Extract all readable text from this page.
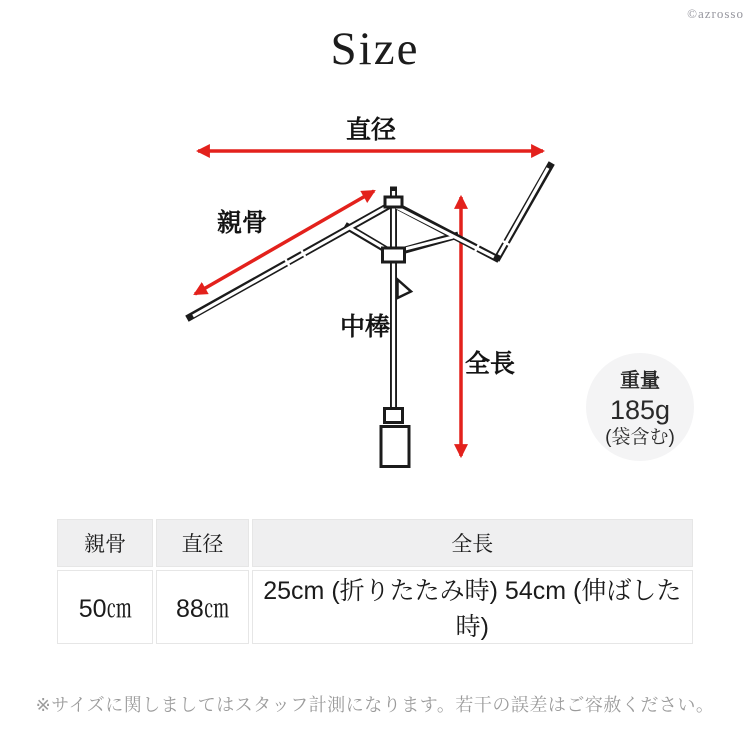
©azrosso
Size
直径
親骨
中棒
全長
重量
185g
(袋含む)
親骨	直径	全長
50㎝	88㎝	25cm (折りたたみ時) 54cm (伸ばした時)
※サイズに関しましてはスタッフ計測になります。若干の誤差はご容赦ください。
